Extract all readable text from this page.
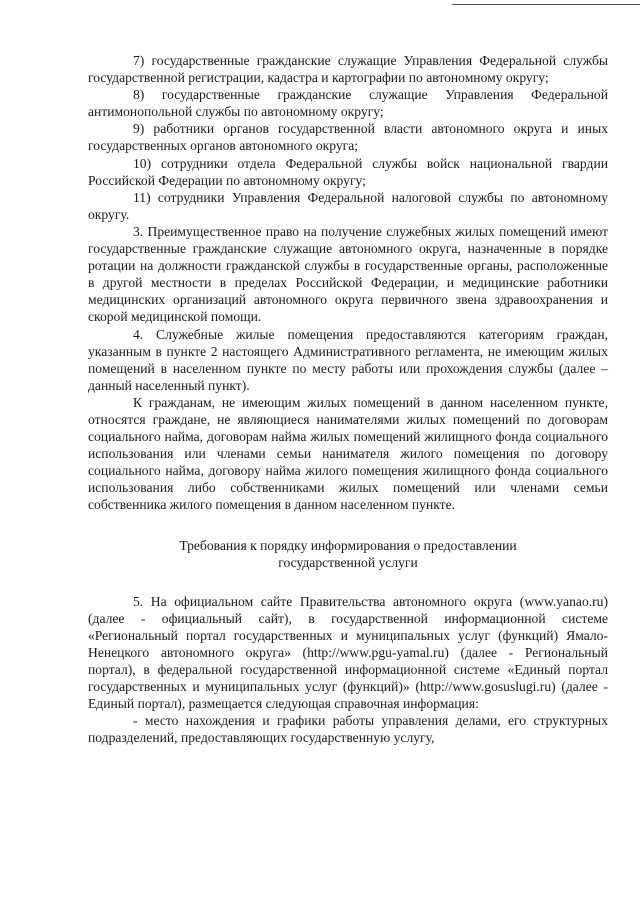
7) государственные гражданские служащие Управления Федеральной службы государственной регистрации, кадастра и картографии по автономному округу;

8) государственные гражданские служащие Управления Федеральной антимонопольной службы по автономному округу;

9) работники органов государственной власти автономного округа и иных государственных органов автономного округа;

10) сотрудники отдела Федеральной службы войск национальной гвардии Российской Федерации по автономному округу;

11) сотрудники Управления Федеральной налоговой службы по автономному округу.

3. Преимущественное право на получение служебных жилых помещений имеют государственные гражданские служащие автономного округа, назначенные в порядке ротации на должности гражданской службы в государственные органы, расположенные в другой местности в пределах Российской Федерации, и медицинские работники медицинских организаций автономного округа первичного звена здравоохранения и скорой медицинской помощи.

4. Служебные жилые помещения предоставляются категориям граждан, указанным в пункте 2 настоящего Административного регламента, не имеющим жилых помещений в населенном пункте по месту работы или прохождения службы (далее – данный населенный пункт).

К гражданам, не имеющим жилых помещений в данном населенном пункте, относятся граждане, не являющиеся нанимателями жилых помещений по договорам социального найма, договорам найма жилых помещений жилищного фонда социального использования или членами семьи нанимателя жилого помещения по договору социального найма, договору найма жилого помещения жилищного фонда социального использования либо собственниками жилых помещений или членами семьи собственника жилого помещения в данном населенном пункте.

Требования к порядку информирования о предоставлении
государственной услуги

5. На официальном сайте Правительства автономного округа (www.yanao.ru) (далее - официальный сайт), в государственной информационной системе «Региональный портал государственных и муниципальных услуг (функций) Ямало-Ненецкого автономного округа» (http://www.pgu-yamal.ru) (далее - Региональный портал), в федеральной государственной информационной системе «Единый портал государственных и муниципальных услуг (функций)» (http://www.gosuslugi.ru) (далее - Единый портал), размещается следующая справочная информация:

- место нахождения и графики работы управления делами, его структурных подразделений, предоставляющих государственную услугу,
